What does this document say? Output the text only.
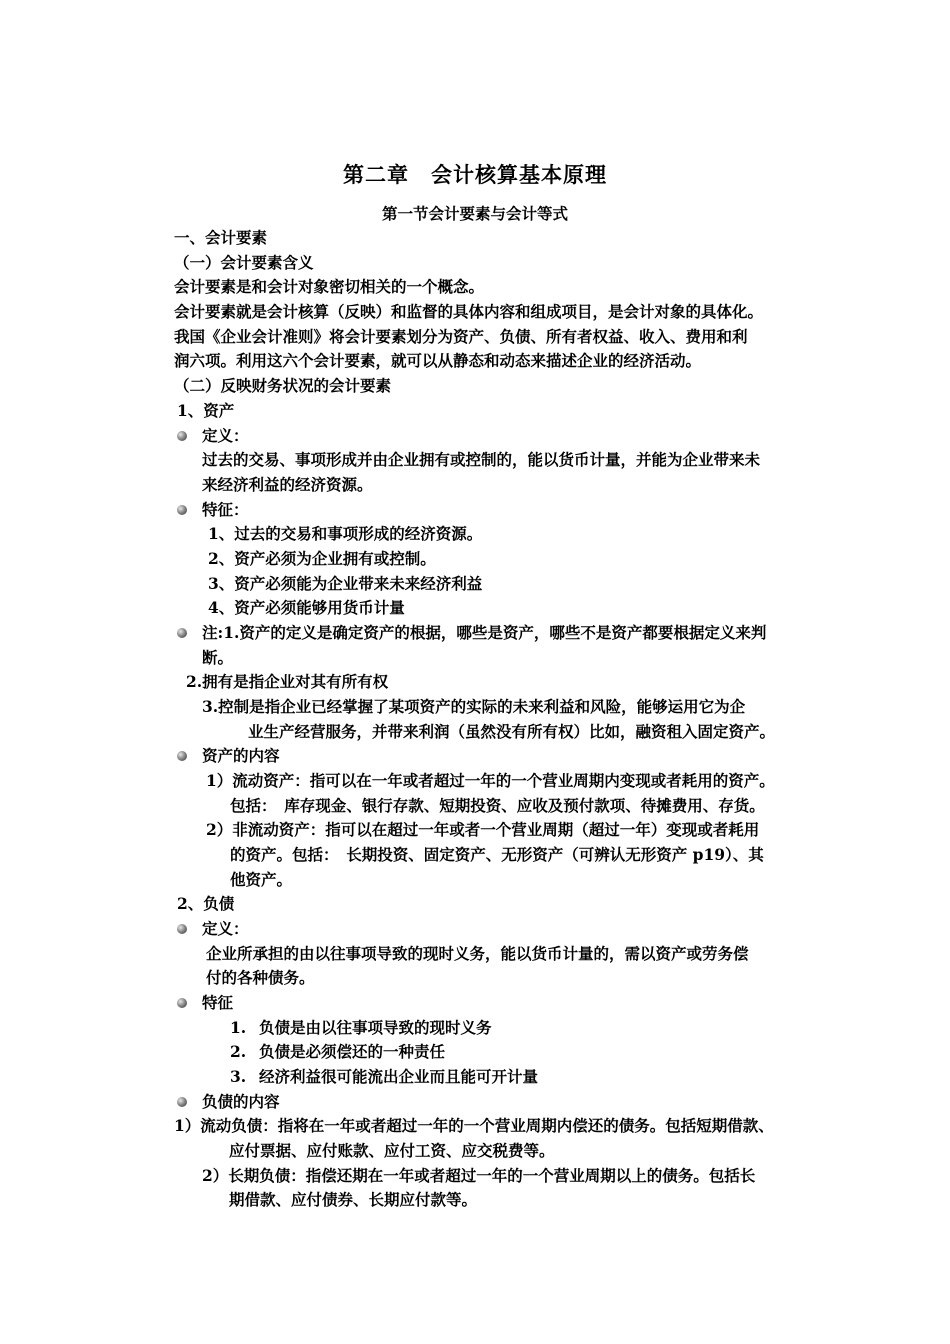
第二章　会计核算基本原理
第一节会计要素与会计等式
一、会计要素
（一）会计要素含义
会计要素是和会计对象密切相关的一个概念。
会计要素就是会计核算（反映）和监督的具体内容和组成项目，是会计对象的具体化。
我国《企业会计准则》将会计要素划分为资产、负债、所有者权益、收入、费用和利
润六项。利用这六个会计要素，就可以从静态和动态来描述企业的经济活动。
（二）反映财务状况的会计要素
1、资产
定义：
过去的交易、事项形成并由企业拥有或控制的，能以货币计量，并能为企业带来未
来经济利益的经济资源。
特征：
1、过去的交易和事项形成的经济资源。
2、资产必须为企业拥有或控制。
3、资产必须能为企业带来未来经济利益
4、资产必须能够用货币计量
注:1.资产的定义是确定资产的根据，哪些是资产，哪些不是资产都要根据定义来判
断。
2.拥有是指企业对其有所有权
3.控制是指企业已经掌握了某项资产的实际的未来利益和风险，能够运用它为企
业生产经营服务，并带来利润（虽然没有所有权）比如，融资租入固定资产。
资产的内容
1）流动资产：指可以在一年或者超过一年的一个营业周期内变现或者耗用的资产。
包括：　库存现金、银行存款、短期投资、应收及预付款项、待摊费用、存货。
2）非流动资产：指可以在超过一年或者一个营业周期（超过一年）变现或者耗用
的资产。包括：　长期投资、固定资产、无形资产（可辨认无形资产 p19）、其
他资产。
2、负债
定义：
企业所承担的由以往事项导致的现时义务，能以货币计量的，需以资产或劳务偿
付的各种债务。
特征
1. 负债是由以往事项导致的现时义务
2. 负债是必须偿还的一种责任
3. 经济利益很可能流出企业而且能可开计量
负债的内容
1）流动负债：指将在一年或者超过一年的一个营业周期内偿还的债务。包括短期借款、
应付票据、应付账款、应付工资、应交税费等。
2）长期负债：指偿还期在一年或者超过一年的一个营业周期以上的债务。包括长
期借款、应付债券、长期应付款等。
